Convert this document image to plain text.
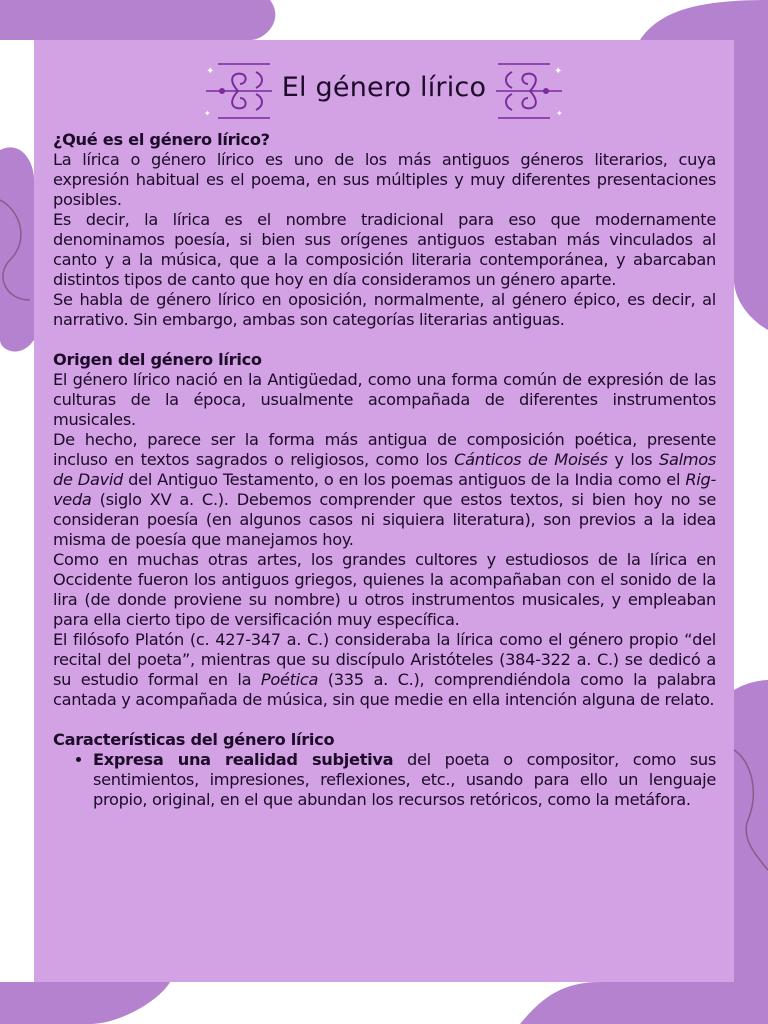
✦
✦
El género lírico
✦
✦

¿Qué es el género lírico?

La lírica o género lírico es uno de los más antiguos géneros literarios, cuya expresión habitual es el poema, en sus múltiples y muy diferentes presentaciones posibles.

Es decir, la lírica es el nombre tradicional para eso que modernamente denominamos poesía, si bien sus orígenes antiguos estaban más vinculados al canto y a la música, que a la composición literaria contemporánea, y abarcaban distintos tipos de canto que hoy en día consideramos un género aparte.

Se habla de género lírico en oposición, normalmente, al género épico, es decir, al narrativo. Sin embargo, ambas son categorías literarias antiguas.

Origen del género lírico

El género lírico nació en la Antigüedad, como una forma común de expresión de las culturas de la época, usualmente acompañada de diferentes instrumentos musicales.

De hecho, parece ser la forma más antigua de composición poética, presente incluso en textos sagrados o religiosos, como los Cánticos de Moisés y los Salmos de David del Antiguo Testamento, o en los poemas antiguos de la India como el Rig-veda (siglo XV a. C.). Debemos comprender que estos textos, si bien hoy no se consideran poesía (en algunos casos ni siquiera literatura), son previos a la idea misma de poesía que manejamos hoy.

Como en muchas otras artes, los grandes cultores y estudiosos de la lírica en Occidente fueron los antiguos griegos, quienes la acompañaban con el sonido de la lira (de donde proviene su nombre) u otros instrumentos musicales, y empleaban para ella cierto tipo de versificación muy específica.

El filósofo Platón (c. 427-347 a. C.) consideraba la lírica como el género propio “del recital del poeta”, mientras que su discípulo Aristóteles (384-322 a. C.) se dedicó a su estudio formal en la Poética (335 a. C.), comprendiéndola como la palabra cantada y acompañada de música, sin que medie en ella intención alguna de relato.

Características del género lírico

• Expresa una realidad subjetiva del poeta o compositor, como sus sentimientos, impresiones, reflexiones, etc., usando para ello un lenguaje propio, original, en el que abundan los recursos retóricos, como la metáfora.
